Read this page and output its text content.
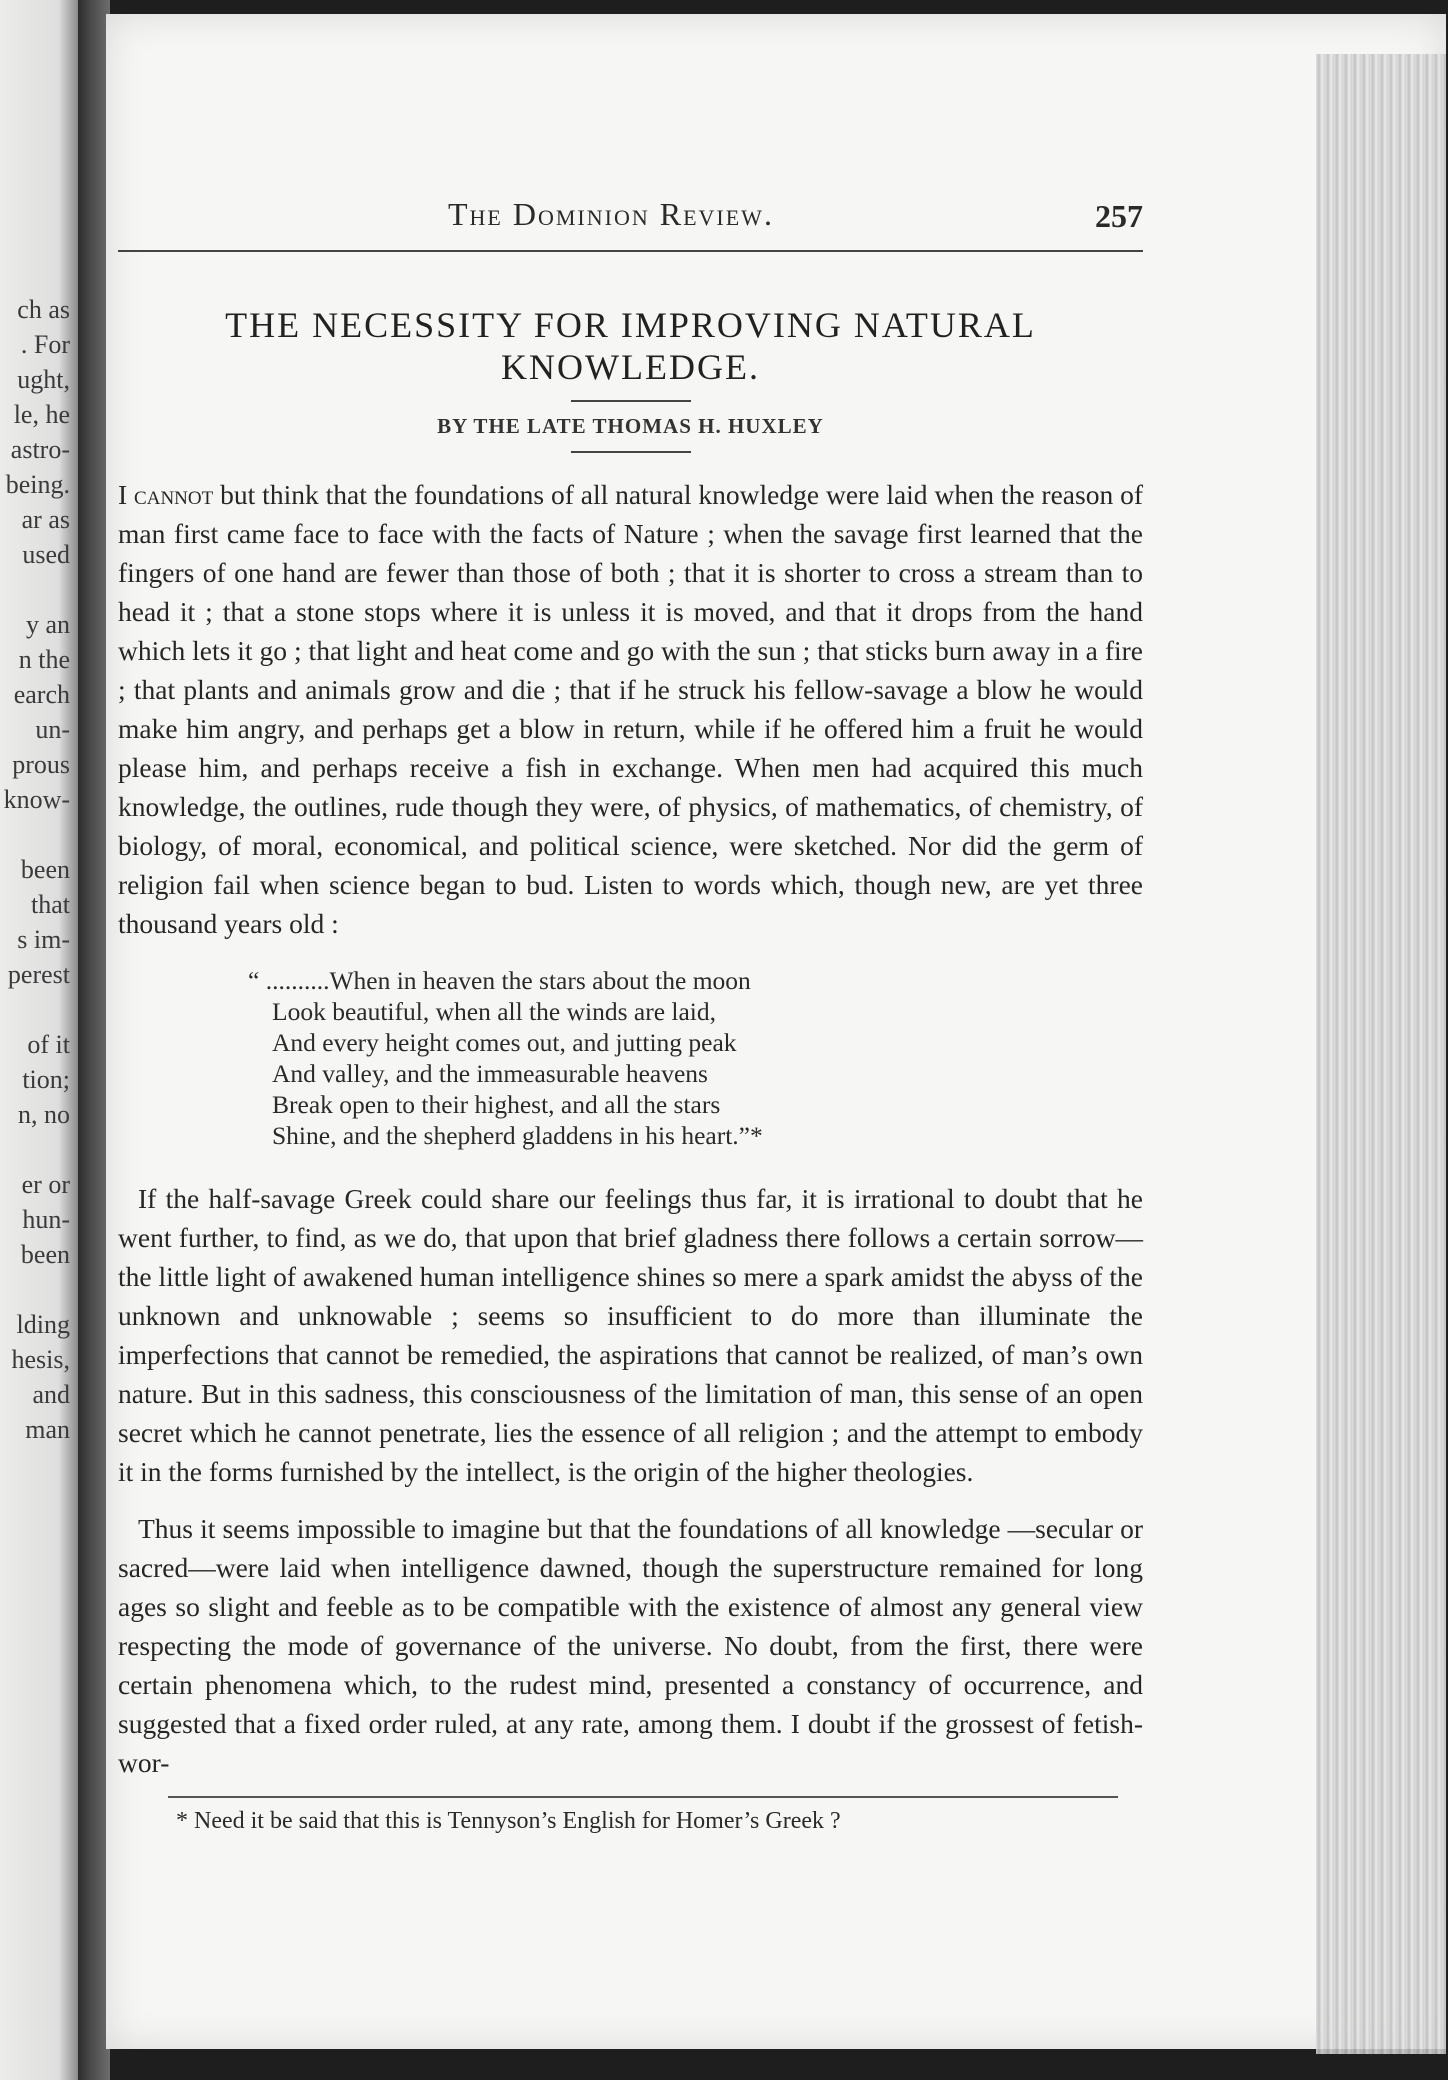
ch as
. For
ught,
le, he
astro-
being.
ar as
used
y an
n the
earch
un-
prous
know-
been
that
s im-
perest
of it
tion;
n, no
er or
hun-
been
lding
hesis,
and
man
The Dominion Review.	257
THE NECESSITY FOR IMPROVING NATURAL KNOWLEDGE.
BY THE LATE THOMAS H. HUXLEY

I cannot but think that the foundations of all natural knowledge were laid when the reason of man first came face to face with the facts of Nature ; when the savage first learned that the fingers of one hand are fewer than those of both ; that it is shorter to cross a stream than to head it ; that a stone stops where it is unless it is moved, and that it drops from the hand which lets it go ; that light and heat come and go with the sun ; that sticks burn away in a fire ; that plants and animals grow and die ; that if he struck his fellow-savage a blow he would make him angry, and perhaps get a blow in return, while if he offered him a fruit he would please him, and perhaps receive a fish in exchange. When men had acquired this much knowledge, the outlines, rude though they were, of physics, of mathematics, of chemistry, of biology, of moral, economical, and political science, were sketched. Nor did the germ of religion fail when science began to bud. Listen to words which, though new, are yet three thousand years old :

“ ..........When in heaven the stars about the moon
Look beautiful, when all the winds are laid,
And every height comes out, and jutting peak
And valley, and the immeasurable heavens
Break open to their highest, and all the stars
Shine, and the shepherd gladdens in his heart.”*

If the half-savage Greek could share our feelings thus far, it is irrational to doubt that he went further, to find, as we do, that upon that brief gladness there follows a certain sorrow—the little light of awakened human intelligence shines so mere a spark amidst the abyss of the unknown and unknowable ; seems so insufficient to do more than illuminate the imperfections that cannot be remedied, the aspirations that cannot be realized, of man’s own nature. But in this sadness, this consciousness of the limitation of man, this sense of an open secret which he cannot penetrate, lies the essence of all religion ; and the attempt to embody it in the forms furnished by the intellect, is the origin of the higher theologies.

Thus it seems impossible to imagine but that the foundations of all knowledge —secular or sacred—were laid when intelligence dawned, though the superstructure remained for long ages so slight and feeble as to be compatible with the existence of almost any general view respecting the mode of governance of the universe. No doubt, from the first, there were certain phenomena which, to the rudest mind, presented a constancy of occurrence, and suggested that a fixed order ruled, at any rate, among them. I doubt if the grossest of fetish-wor-

* Need it be said that this is Tennyson’s English for Homer’s Greek ?
